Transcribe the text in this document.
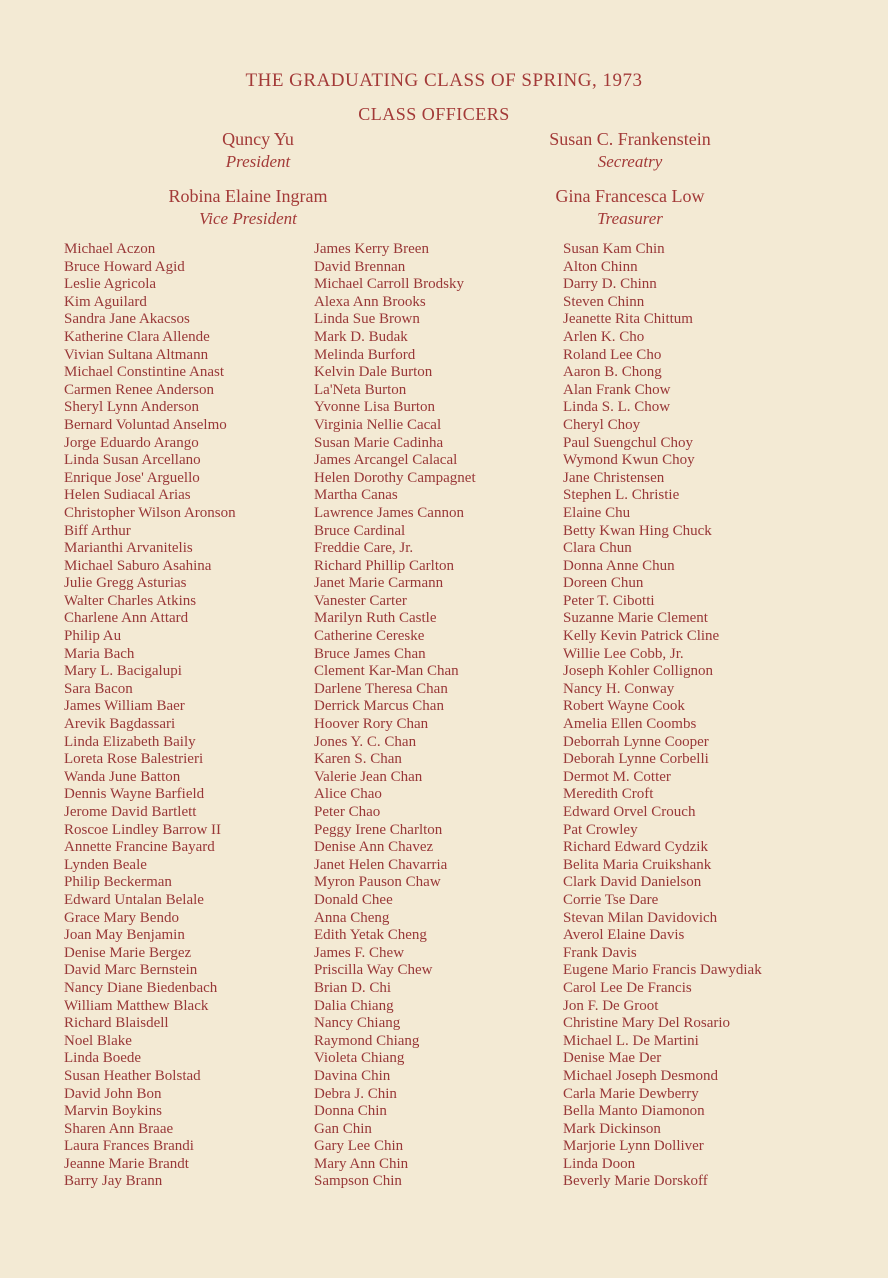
THE GRADUATING CLASS OF SPRING, 1973
CLASS OFFICERS
Quncy Yu
President
Susan C. Frankenstein
Secreatry
Robina Elaine Ingram
Vice President
Gina Francesca Low
Treasurer
Michael Aczon
Bruce Howard Agid
Leslie Agricola
Kim Aguilard
Sandra Jane Akacsos
Katherine Clara Allende
Vivian Sultana Altmann
Michael Constintine Anast
Carmen Renee Anderson
Sheryl Lynn Anderson
Bernard Voluntad Anselmo
Jorge Eduardo Arango
Linda Susan Arcellano
Enrique Jose' Arguello
Helen Sudiacal Arias
Christopher Wilson Aronson
Biff Arthur
Marianthi Arvanitelis
Michael Saburo Asahina
Julie Gregg Asturias
Walter Charles Atkins
Charlene Ann Attard
Philip Au
Maria Bach
Mary L. Bacigalupi
Sara Bacon
James William Baer
Arevik Bagdassari
Linda Elizabeth Baily
Loreta Rose Balestrieri
Wanda June Batton
Dennis Wayne Barfield
Jerome David Bartlett
Roscoe Lindley Barrow II
Annette Francine Bayard
Lynden Beale
Philip Beckerman
Edward Untalan Belale
Grace Mary Bendo
Joan May Benjamin
Denise Marie Bergez
David Marc Bernstein
Nancy Diane Biedenbach
William Matthew Black
Richard Blaisdell
Noel Blake
Linda Boede
Susan Heather Bolstad
David John Bon
Marvin Boykins
Sharen Ann Braae
Laura Frances Brandi
Jeanne Marie Brandt
Barry Jay Brann
James Kerry Breen
David Brennan
Michael Carroll Brodsky
Alexa Ann Brooks
Linda Sue Brown
Mark D. Budak
Melinda Burford
Kelvin Dale Burton
La'Neta Burton
Yvonne Lisa Burton
Virginia Nellie Cacal
Susan Marie Cadinha
James Arcangel Calacal
Helen Dorothy Campagnet
Martha Canas
Lawrence James Cannon
Bruce Cardinal
Freddie Care, Jr.
Richard Phillip Carlton
Janet Marie Carmann
Vanester Carter
Marilyn Ruth Castle
Catherine Cereske
Bruce James Chan
Clement Kar-Man Chan
Darlene Theresa Chan
Derrick Marcus Chan
Hoover Rory Chan
Jones Y. C. Chan
Karen S. Chan
Valerie Jean Chan
Alice Chao
Peter Chao
Peggy Irene Charlton
Denise Ann Chavez
Janet Helen Chavarria
Myron Pauson Chaw
Donald Chee
Anna Cheng
Edith Yetak Cheng
James F. Chew
Priscilla Way Chew
Brian D. Chi
Dalia Chiang
Nancy Chiang
Raymond Chiang
Violeta Chiang
Davina Chin
Debra J. Chin
Donna Chin
Gan Chin
Gary Lee Chin
Mary Ann Chin
Sampson Chin
Susan Kam Chin
Alton Chinn
Darry D. Chinn
Steven Chinn
Jeanette Rita Chittum
Arlen K. Cho
Roland Lee Cho
Aaron B. Chong
Alan Frank Chow
Linda S. L. Chow
Cheryl Choy
Paul Suengchul Choy
Wymond Kwun Choy
Jane Christensen
Stephen L. Christie
Elaine Chu
Betty Kwan Hing Chuck
Clara Chun
Donna Anne Chun
Doreen Chun
Peter T. Cibotti
Suzanne Marie Clement
Kelly Kevin Patrick Cline
Willie Lee Cobb, Jr.
Joseph Kohler Collignon
Nancy H. Conway
Robert Wayne Cook
Amelia Ellen Coombs
Deborrah Lynne Cooper
Deborah Lynne Corbelli
Dermot M. Cotter
Meredith Croft
Edward Orvel Crouch
Pat Crowley
Richard Edward Cydzik
Belita Maria Cruikshank
Clark David Danielson
Corrie Tse Dare
Stevan Milan Davidovich
Averol Elaine Davis
Frank Davis
Eugene Mario Francis Dawydiak
Carol Lee De Francis
Jon F. De Groot
Christine Mary Del Rosario
Michael L. De Martini
Denise Mae Der
Michael Joseph Desmond
Carla Marie Dewberry
Bella Manto Diamonon
Mark Dickinson
Marjorie Lynn Dolliver
Linda Doon
Beverly Marie Dorskoff
